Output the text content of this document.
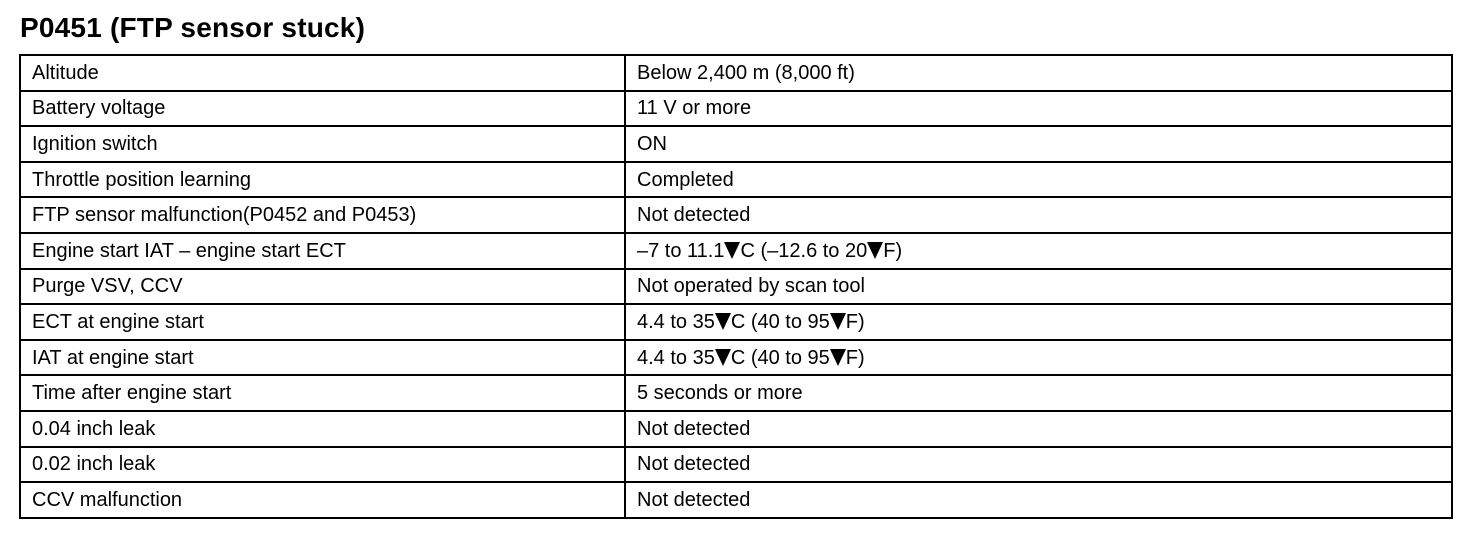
P0451 (FTP sensor stuck)
Altitude	Below 2,400 m (8,000 ft)
Battery voltage	11 V or more
Ignition switch	ON
Throttle position learning	Completed
FTP sensor malfunction(P0452 and P0453)	Not detected
Engine start IAT – engine start ECT	–7 to 11.1 C (–12.6 to 20 F)
Purge VSV, CCV	Not operated by scan tool
ECT at engine start	4.4 to 35 C (40 to 95 F)
IAT at engine start	4.4 to 35 C (40 to 95 F)
Time after engine start	5 seconds or more
0.04 inch leak	Not detected
0.02 inch leak	Not detected
CCV malfunction	Not detected
